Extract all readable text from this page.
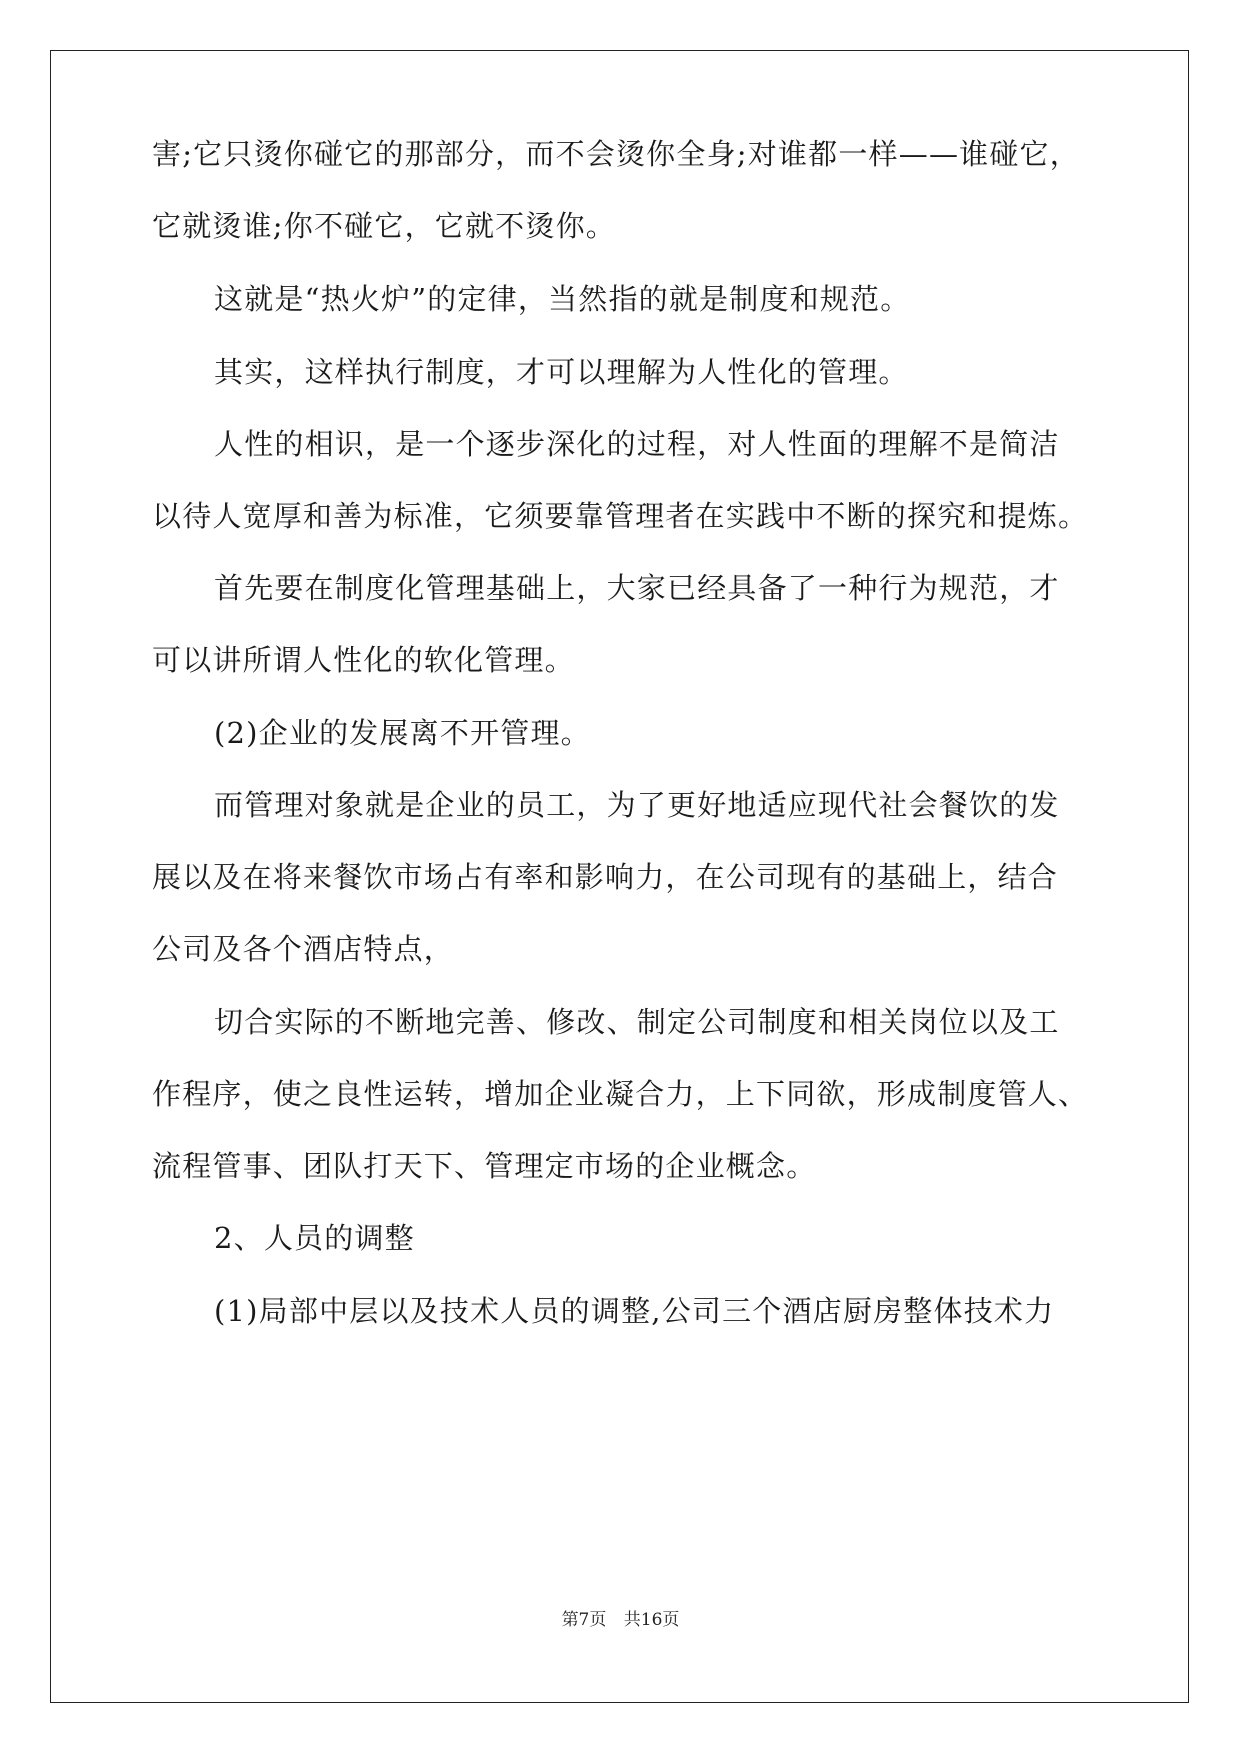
害;它只烫你碰它的那部分，而不会烫你全身;对谁都一样——谁碰它，
它就烫谁;你不碰它，它就不烫你。
这就是“热火炉”的定律，当然指的就是制度和规范。
其实，这样执行制度，才可以理解为人性化的管理。
人性的相识，是一个逐步深化的过程，对人性面的理解不是简洁
以待人宽厚和善为标准，它须要靠管理者在实践中不断的探究和提炼。
首先要在制度化管理基础上，大家已经具备了一种行为规范，才
可以讲所谓人性化的软化管理。
(2)企业的发展离不开管理。
而管理对象就是企业的员工，为了更好地适应现代社会餐饮的发
展以及在将来餐饮市场占有率和影响力，在公司现有的基础上，结合
公司及各个酒店特点，
切合实际的不断地完善、修改、制定公司制度和相关岗位以及工
作程序，使之良性运转，增加企业凝合力，上下同欲，形成制度管人、
流程管事、团队打天下、管理定市场的企业概念。
2、人员的调整
(1)局部中层以及技术人员的调整,公司三个酒店厨房整体技术力
第7页 共16页
